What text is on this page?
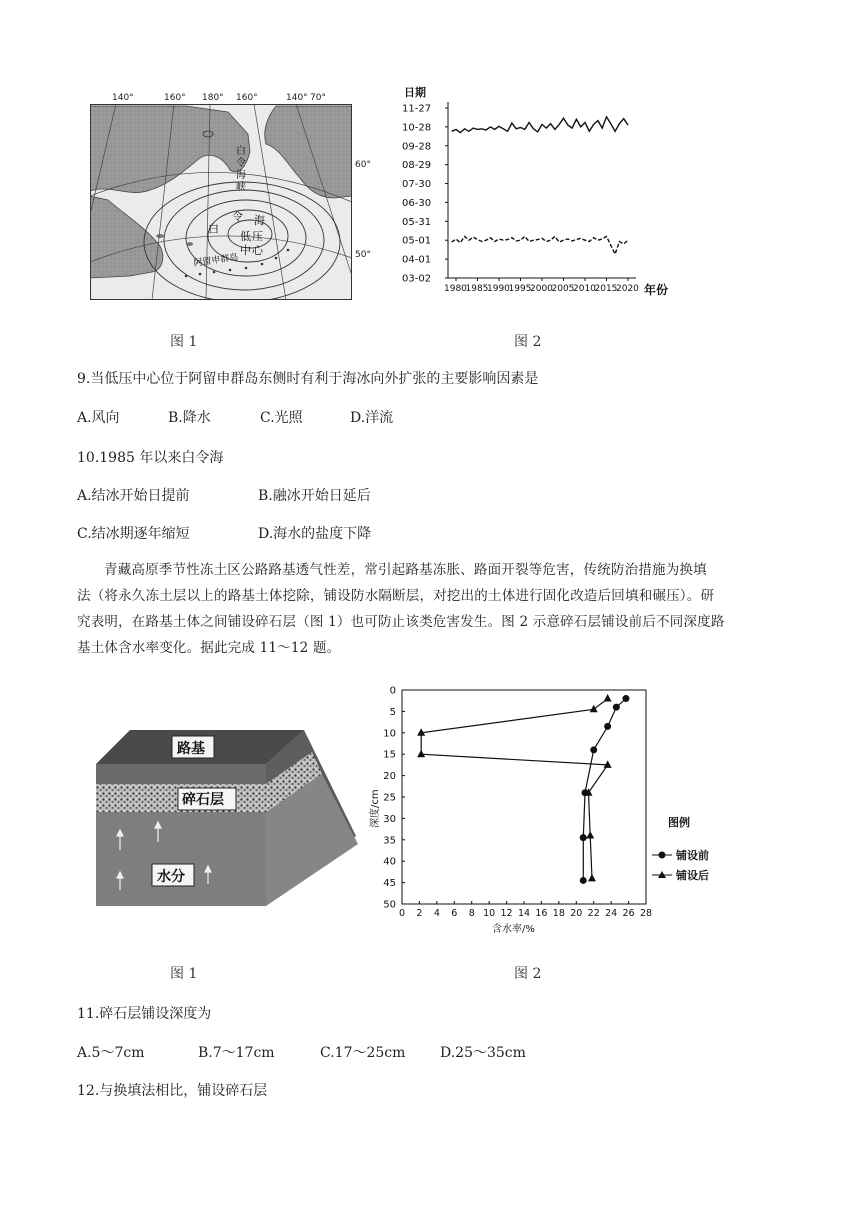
140°	160° 180° 160°	140° 70°
白
令
海
峡
白
令 海
低 压
中 心
阿留申群岛
60°
50°
图 1
日期
11-27
10-28
09-28
08-29
07-30
06-30
05-31
05-01
04-01
03-02
1980
1985
1990
1995
2000
2005
2010
2015
2020 年份
图 2
9.当低压中心位于阿留申群岛东侧时有利于海冰向外扩张的主要影响因素是
A.风向	B.降水	C.光照	D.洋流
10.1985 年以来白令海
A.结冰开始日提前	B.融冰开始日延后
C.结冰期逐年缩短	D.海水的盐度下降
青藏高原季节性冻土区公路路基透气性差，常引起路基冻胀、路面开裂等危害，传统防治措施为换填
法（将永久冻土层以上的路基土体挖除，铺设防水隔断层，对挖出的土体进行固化改造后回填和碾压）。研
究表明，在路基土体之间铺设碎石层（图 1）也可防止该类危害发生。图 2 示意碎石层铺设前后不同深度路
基土体含水率变化。据此完成 11～12 题。
路基
碎石层
水分
图 1
0
5
10
15
20
25
30
35
40
45
50
0 2 4 6 8 10 12 14 16 18 20 22 24 26 28
深度/cm
含水率/%
图例
铺设前
铺设后
图 2
11.碎石层铺设深度为
A.5～7cm	B.7～17cm	C.17～25cm D.25～35cm
12.与换填法相比，铺设碎石层
